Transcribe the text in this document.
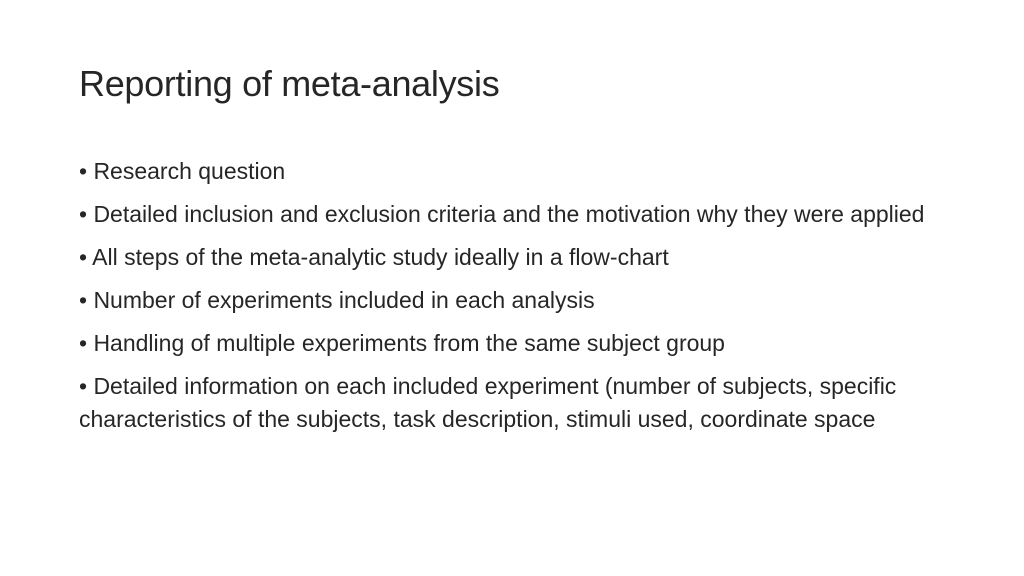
Reporting of meta-analysis
• Research question
• Detailed inclusion and exclusion criteria and the motivation why they were applied
• All steps of the meta-analytic study ideally in a flow-chart
• Number of experiments included in each analysis
• Handling of multiple experiments from the same subject group
• Detailed information on each included experiment (number of subjects, specific characteristics of the subjects, task description, stimuli used, coordinate space
